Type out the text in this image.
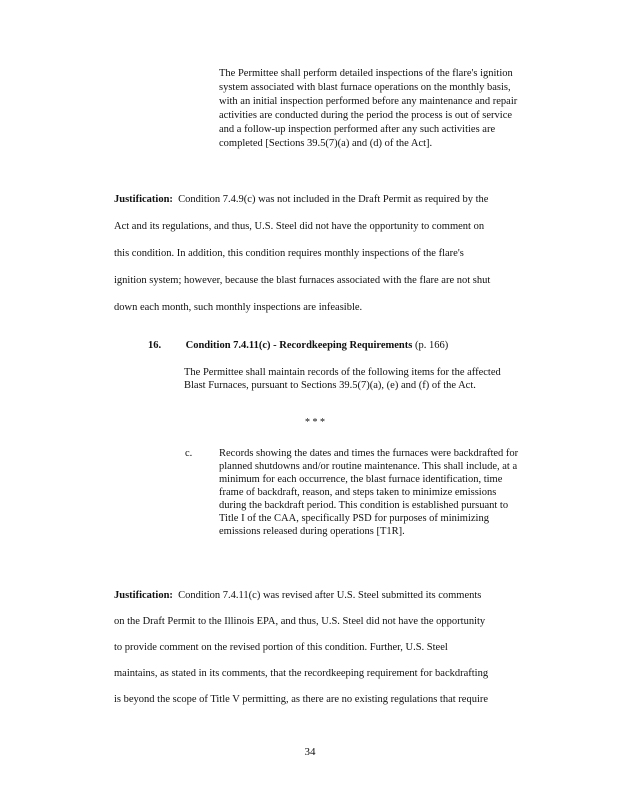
The Permittee shall perform detailed inspections of the flare's ignition system associated with blast furnace operations on the monthly basis, with an initial inspection performed before any maintenance and repair activities are conducted during the period the process is out of service and a follow-up inspection performed after any such activities are completed [Sections 39.5(7)(a) and (d) of the Act].

Justification: Condition 7.4.9(c) was not included in the Draft Permit as required by the
Act and its regulations, and thus, U.S. Steel did not have the opportunity to comment on
this condition. In addition, this condition requires monthly inspections of the flare's
ignition system; however, because the blast furnaces associated with the flare are not shut
down each month, such monthly inspections are infeasible.
16. Condition 7.4.11(c) - Recordkeeping Requirements (p. 166)

The Permittee shall maintain records of the following items for the affected Blast Furnaces, pursuant to Sections 39.5(7)(a), (e) and (f) of the Act.

* * *
c.	Records showing the dates and times the furnaces were backdrafted for planned shutdowns and/or routine maintenance. This shall include, at a minimum for each occurrence, the blast furnace identification, time frame of backdraft, reason, and steps taken to minimize emissions during the backdraft period. This condition is established pursuant to Title I of the CAA, specifically PSD for purposes of minimizing emissions released during operations [T1R].

Justification: Condition 7.4.11(c) was revised after U.S. Steel submitted its comments
on the Draft Permit to the Illinois EPA, and thus, U.S. Steel did not have the opportunity
to provide comment on the revised portion of this condition. Further, U.S. Steel
maintains, as stated in its comments, that the recordkeeping requirement for backdrafting
is beyond the scope of Title V permitting, as there are no existing regulations that require
34
